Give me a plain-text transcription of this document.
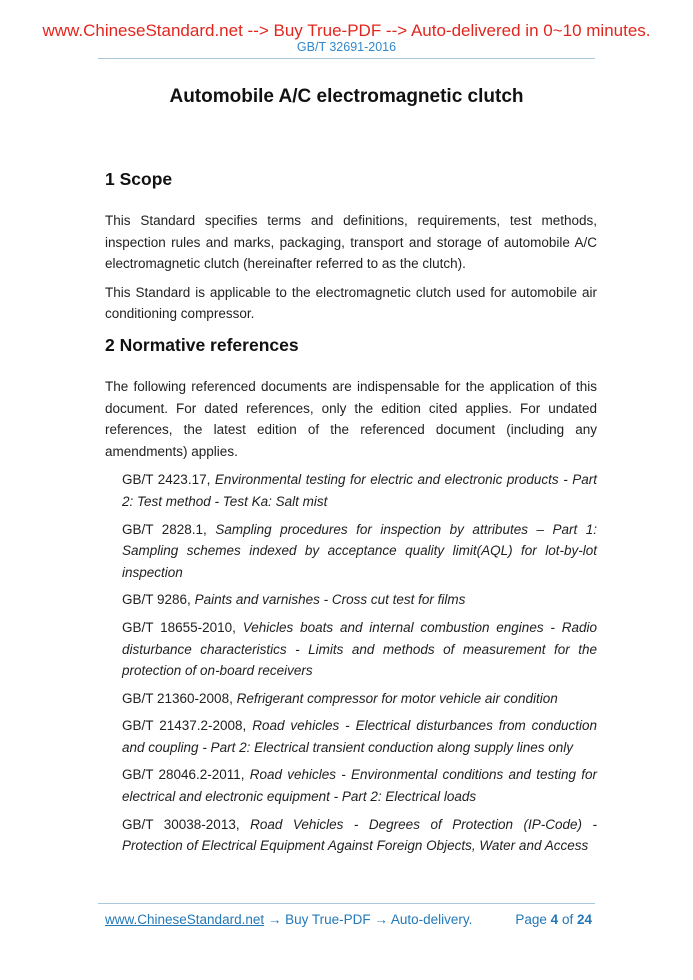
www.ChineseStandard.net --> Buy True-PDF --> Auto-delivered in 0~10 minutes.
GB/T 32691-2016
Automobile A/C electromagnetic clutch
1 Scope

This Standard specifies terms and definitions, requirements, test methods, inspection rules and marks, packaging, transport and storage of automobile A/C electromagnetic clutch (hereinafter referred to as the clutch).

This Standard is applicable to the electromagnetic clutch used for automobile air conditioning compressor.

2 Normative references

The following referenced documents are indispensable for the application of this document. For dated references, only the edition cited applies. For undated references, the latest edition of the referenced document (including any amendments) applies.

GB/T 2423.17, Environmental testing for electric and electronic products - Part 2: Test method - Test Ka: Salt mist

GB/T 2828.1, Sampling procedures for inspection by attributes – Part 1: Sampling schemes indexed by acceptance quality limit(AQL) for lot-by-lot inspection

GB/T 9286, Paints and varnishes - Cross cut test for films

GB/T 18655-2010, Vehicles boats and internal combustion engines - Radio disturbance characteristics - Limits and methods of measurement for the protection of on-board receivers

GB/T 21360-2008, Refrigerant compressor for motor vehicle air condition

GB/T 21437.2-2008, Road vehicles - Electrical disturbances from conduction and coupling - Part 2: Electrical transient conduction along supply lines only

GB/T 28046.2-2011, Road vehicles - Environmental conditions and testing for electrical and electronic equipment - Part 2: Electrical loads

GB/T 30038-2013, Road Vehicles - Degrees of Protection (IP-Code) - Protection of Electrical Equipment Against Foreign Objects, Water and Access

www.ChineseStandard.net → Buy True-PDF → Auto-delivery.	Page 4 of 24
